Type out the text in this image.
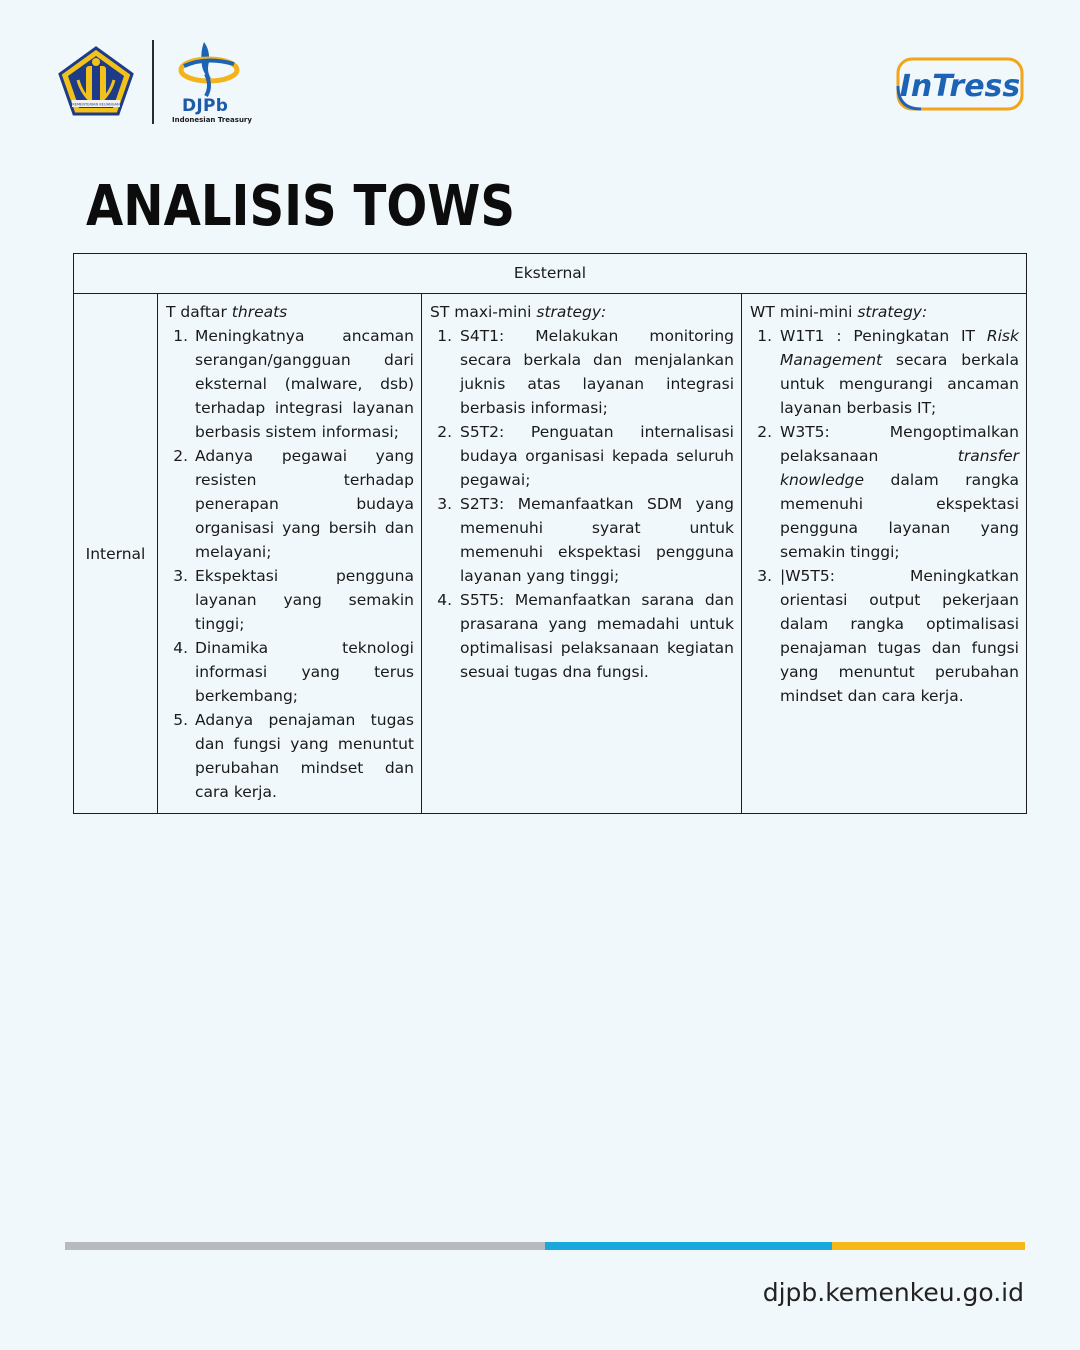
KEMENTERIAN KEUANGAN	DJPb
Indonesian Treasury
InTress
ANALISIS TOWS
Eksternal
Internal

T daftar threats

1. Meningkatnya ancaman serangan/gangguan dari eksternal (malware, dsb) terhadap integrasi layanan berbasis sistem informasi;
2. Adanya pegawai yang resisten terhadap penerapan budaya organisasi yang bersih dan melayani;
3. Ekspektasi pengguna layanan yang semakin tinggi;
4. Dinamika teknologi informasi yang terus berkembang;
5. Adanya penajaman tugas dan fungsi yang menuntut perubahan mindset dan cara kerja.

ST maxi-mini strategy:

1. S4T1: Melakukan monitoring secara berkala dan menjalankan juknis atas layanan integrasi berbasis informasi;
2. S5T2: Penguatan internalisasi budaya organisasi kepada seluruh pegawai;
3. S2T3: Memanfaatkan SDM yang memenuhi syarat untuk memenuhi ekspektasi pengguna layanan yang tinggi;
4. S5T5: Memanfaatkan sarana dan prasarana yang memadahi untuk optimalisasi pelaksanaan kegiatan sesuai tugas dna fungsi.

WT mini-mini strategy:

1. W1T1 : Peningkatan IT Risk Management secara berkala untuk mengurangi ancaman layanan berbasis IT;
2. W3T5: Mengoptimalkan pelaksanaan transfer knowledge dalam rangka memenuhi ekspektasi pengguna layanan yang semakin tinggi;
3. |W5T5: Meningkatkan orientasi output pekerjaan dalam rangka optimalisasi penajaman tugas dan fungsi yang menuntut perubahan mindset dan cara kerja.
djpb.kemenkeu.go.id
